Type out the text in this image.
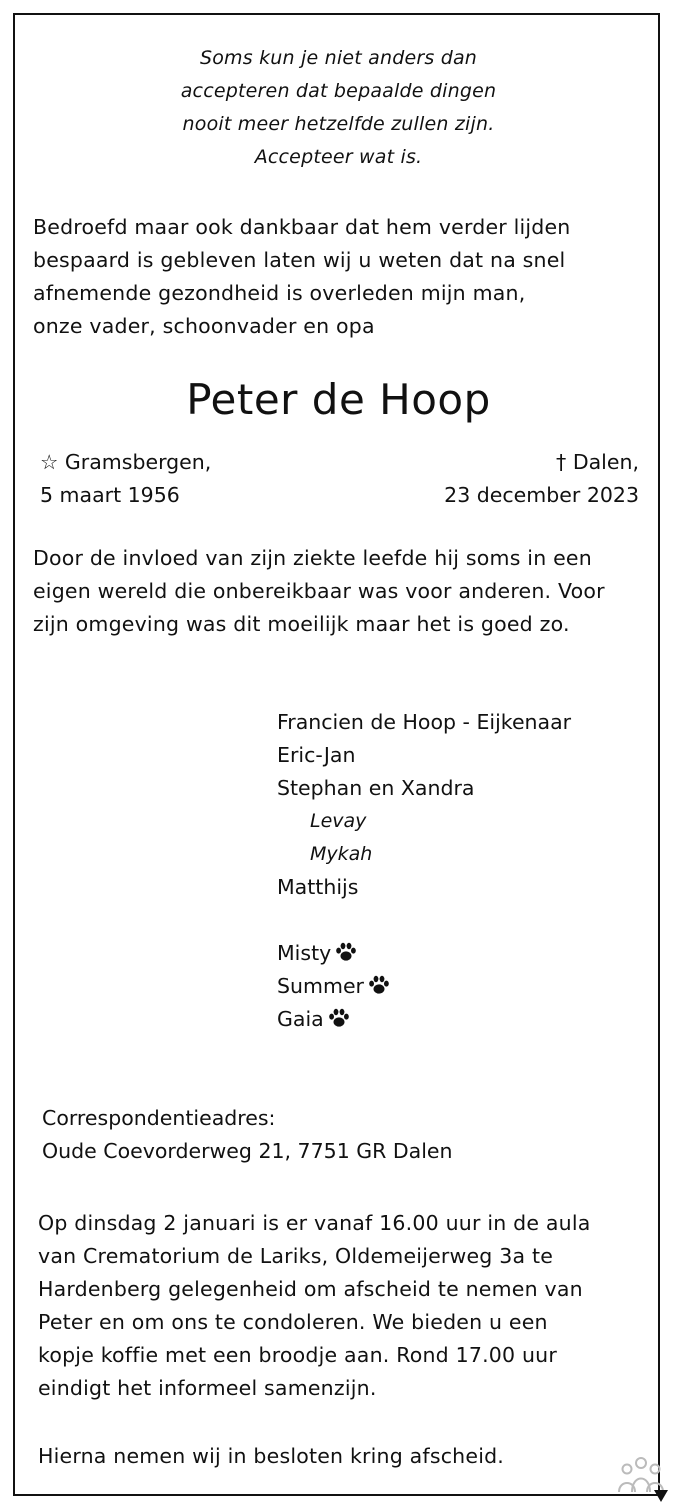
Soms kun je niet anders dan
accepteren dat bepaalde dingen
nooit meer hetzelfde zullen zijn.
Accepteer wat is.
Bedroefd maar ook dankbaar dat hem verder lijden
bespaard is gebleven laten wij u weten dat na snel
afnemende gezondheid is overleden mijn man,
onze vader, schoonvader en opa
Peter de Hoop
☆ Gramsbergen,
5 maart 1956
† Dalen,
23 december 2023
Door de invloed van zijn ziekte leefde hij soms in een
eigen wereld die onbereikbaar was voor anderen. Voor
zijn omgeving was dit moeilijk maar het is goed zo.
Francien de Hoop - Eijkenaar
Eric-Jan
Stephan en Xandra
Levay
Mykah
Matthijs
Misty
Summer
Gaia
Correspondentieadres:
Oude Coevorderweg 21, 7751 GR Dalen
Op dinsdag 2 januari is er vanaf 16.00 uur in de aula
van Crematorium de Lariks, Oldemeijerweg 3a te
Hardenberg gelegenheid om afscheid te nemen van
Peter en om ons te condoleren. We bieden u een
kopje koffie met een broodje aan. Rond 17.00 uur
eindigt het informeel samenzijn.
Hierna nemen wij in besloten kring afscheid.
